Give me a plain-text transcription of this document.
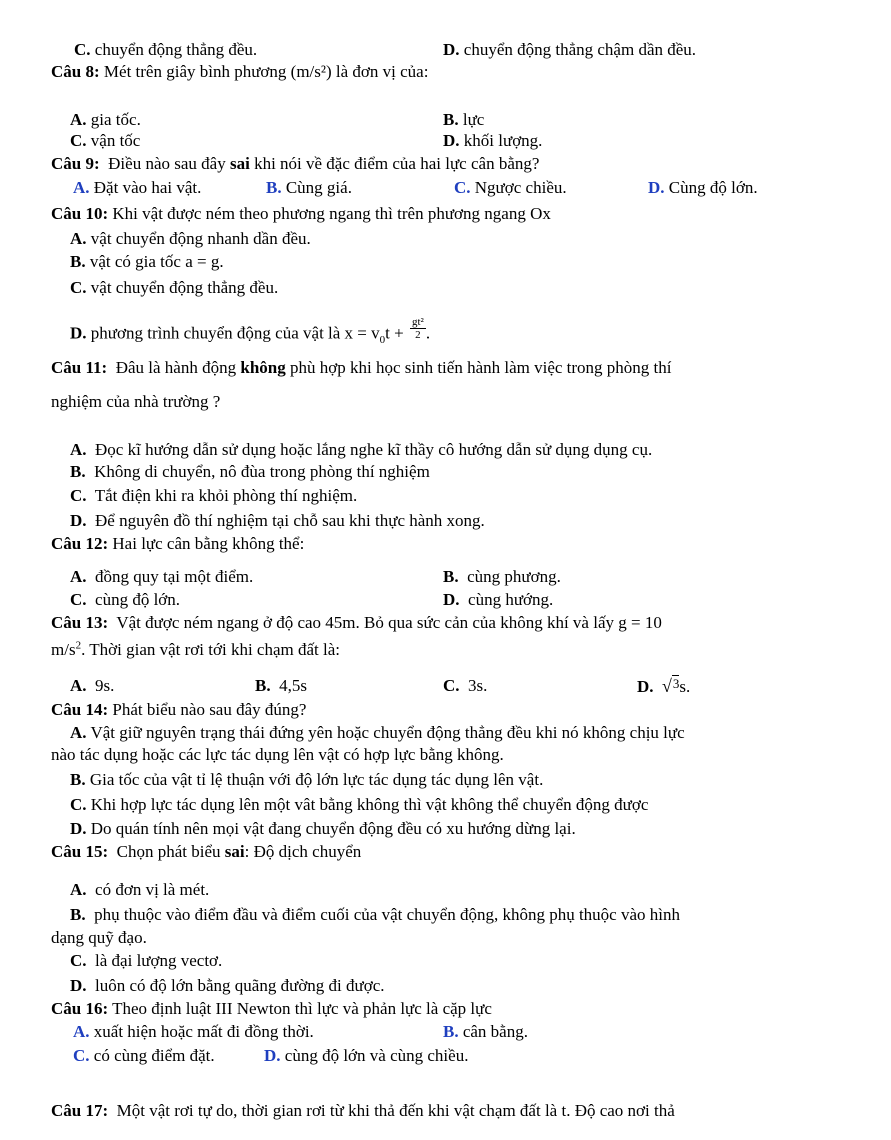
C. chuyển động thẳng đều.	D. chuyển động thẳng chậm dần đều.
Câu 8: Mét trên giây bình phương (m/s²) là đơn vị của:
A. gia tốc.	B. lực
C. vận tốc	D. khối lượng.
Câu 9: Điều nào sau đây sai khi nói về đặc điểm của hai lực cân bằng?
A. Đặt vào hai vật.	B. Cùng giá.	C. Ngược chiều.	D. Cùng độ lớn.
Câu 10: Khi vật được ném theo phương ngang thì trên phương ngang Ox
A. vật chuyển động nhanh dần đều.
B. vật có gia tốc a = g.
C. vật chuyển động thẳng đều.
D. phương trình chuyển động của vật là $x = v_0t + \frac{\text{gt²}}{2}$ .
Câu 11: Đâu là hành động không phù hợp khi học sinh tiến hành làm việc trong phòng thí
nghiệm của nhà trường ?
A. Đọc kĩ hướng dẫn sử dụng hoặc lắng nghe kĩ thầy cô hướng dẫn sử dụng dụng cụ.
B. Không di chuyển, nô đùa trong phòng thí nghiệm
C. Tắt điện khi ra khỏi phòng thí nghiệm.
D. Để nguyên đồ thí nghiệm tại chỗ sau khi thực hành xong.
Câu 12: Hai lực cân bằng không thể:
A. đồng quy tại một điểm.	B. cùng phương.
C. cùng độ lớn.	D. cùng hướng.
Câu 13: Vật được ném ngang ở độ cao 45m. Bỏ qua sức cản của không khí và lấy g = 10
$m/s^2$. Thời gian vật rơi tới khi chạm đất là:
A. 9s.	B. 4,5s	C. 3s.	D. √$^3$s.
Câu 14: Phát biểu nào sau đây đúng?
A. Vật giữ nguyên trạng thái đứng yên hoặc chuyển động thẳng đều khi nó không chịu lực
nào tác dụng hoặc các lực tác dụng lên vật có hợp lực bằng không.
B. Gia tốc của vật tỉ lệ thuận với độ lớn lực tác dụng tác dụng lên vật.
C. Khi hợp lực tác dụng lên một vât bằng không thì vật không thể chuyển động được
D. Do quán tính nên mọi vật đang chuyển động đều có xu hướng dừng lại.
Câu 15: Chọn phát biểu sai: Độ dịch chuyển
A. có đơn vị là mét.
B. phụ thuộc vào điểm đầu và điểm cuối của vật chuyển động, không phụ thuộc vào hình
dạng quỹ đạo.
C. là đại lượng vectơ.
D. luôn có độ lớn bằng quãng đường đi được.
Câu 16: Theo định luật III Newton thì lực và phản lực là cặp lực
A. xuất hiện hoặc mất đi đồng thời.	B. cân bằng.
C. có cùng điểm đặt.	D. cùng độ lớn và cùng chiều.
Câu 17: Một vật rơi tự do, thời gian rơi từ khi thả đến khi vật chạm đất là t. Độ cao nơi thả
